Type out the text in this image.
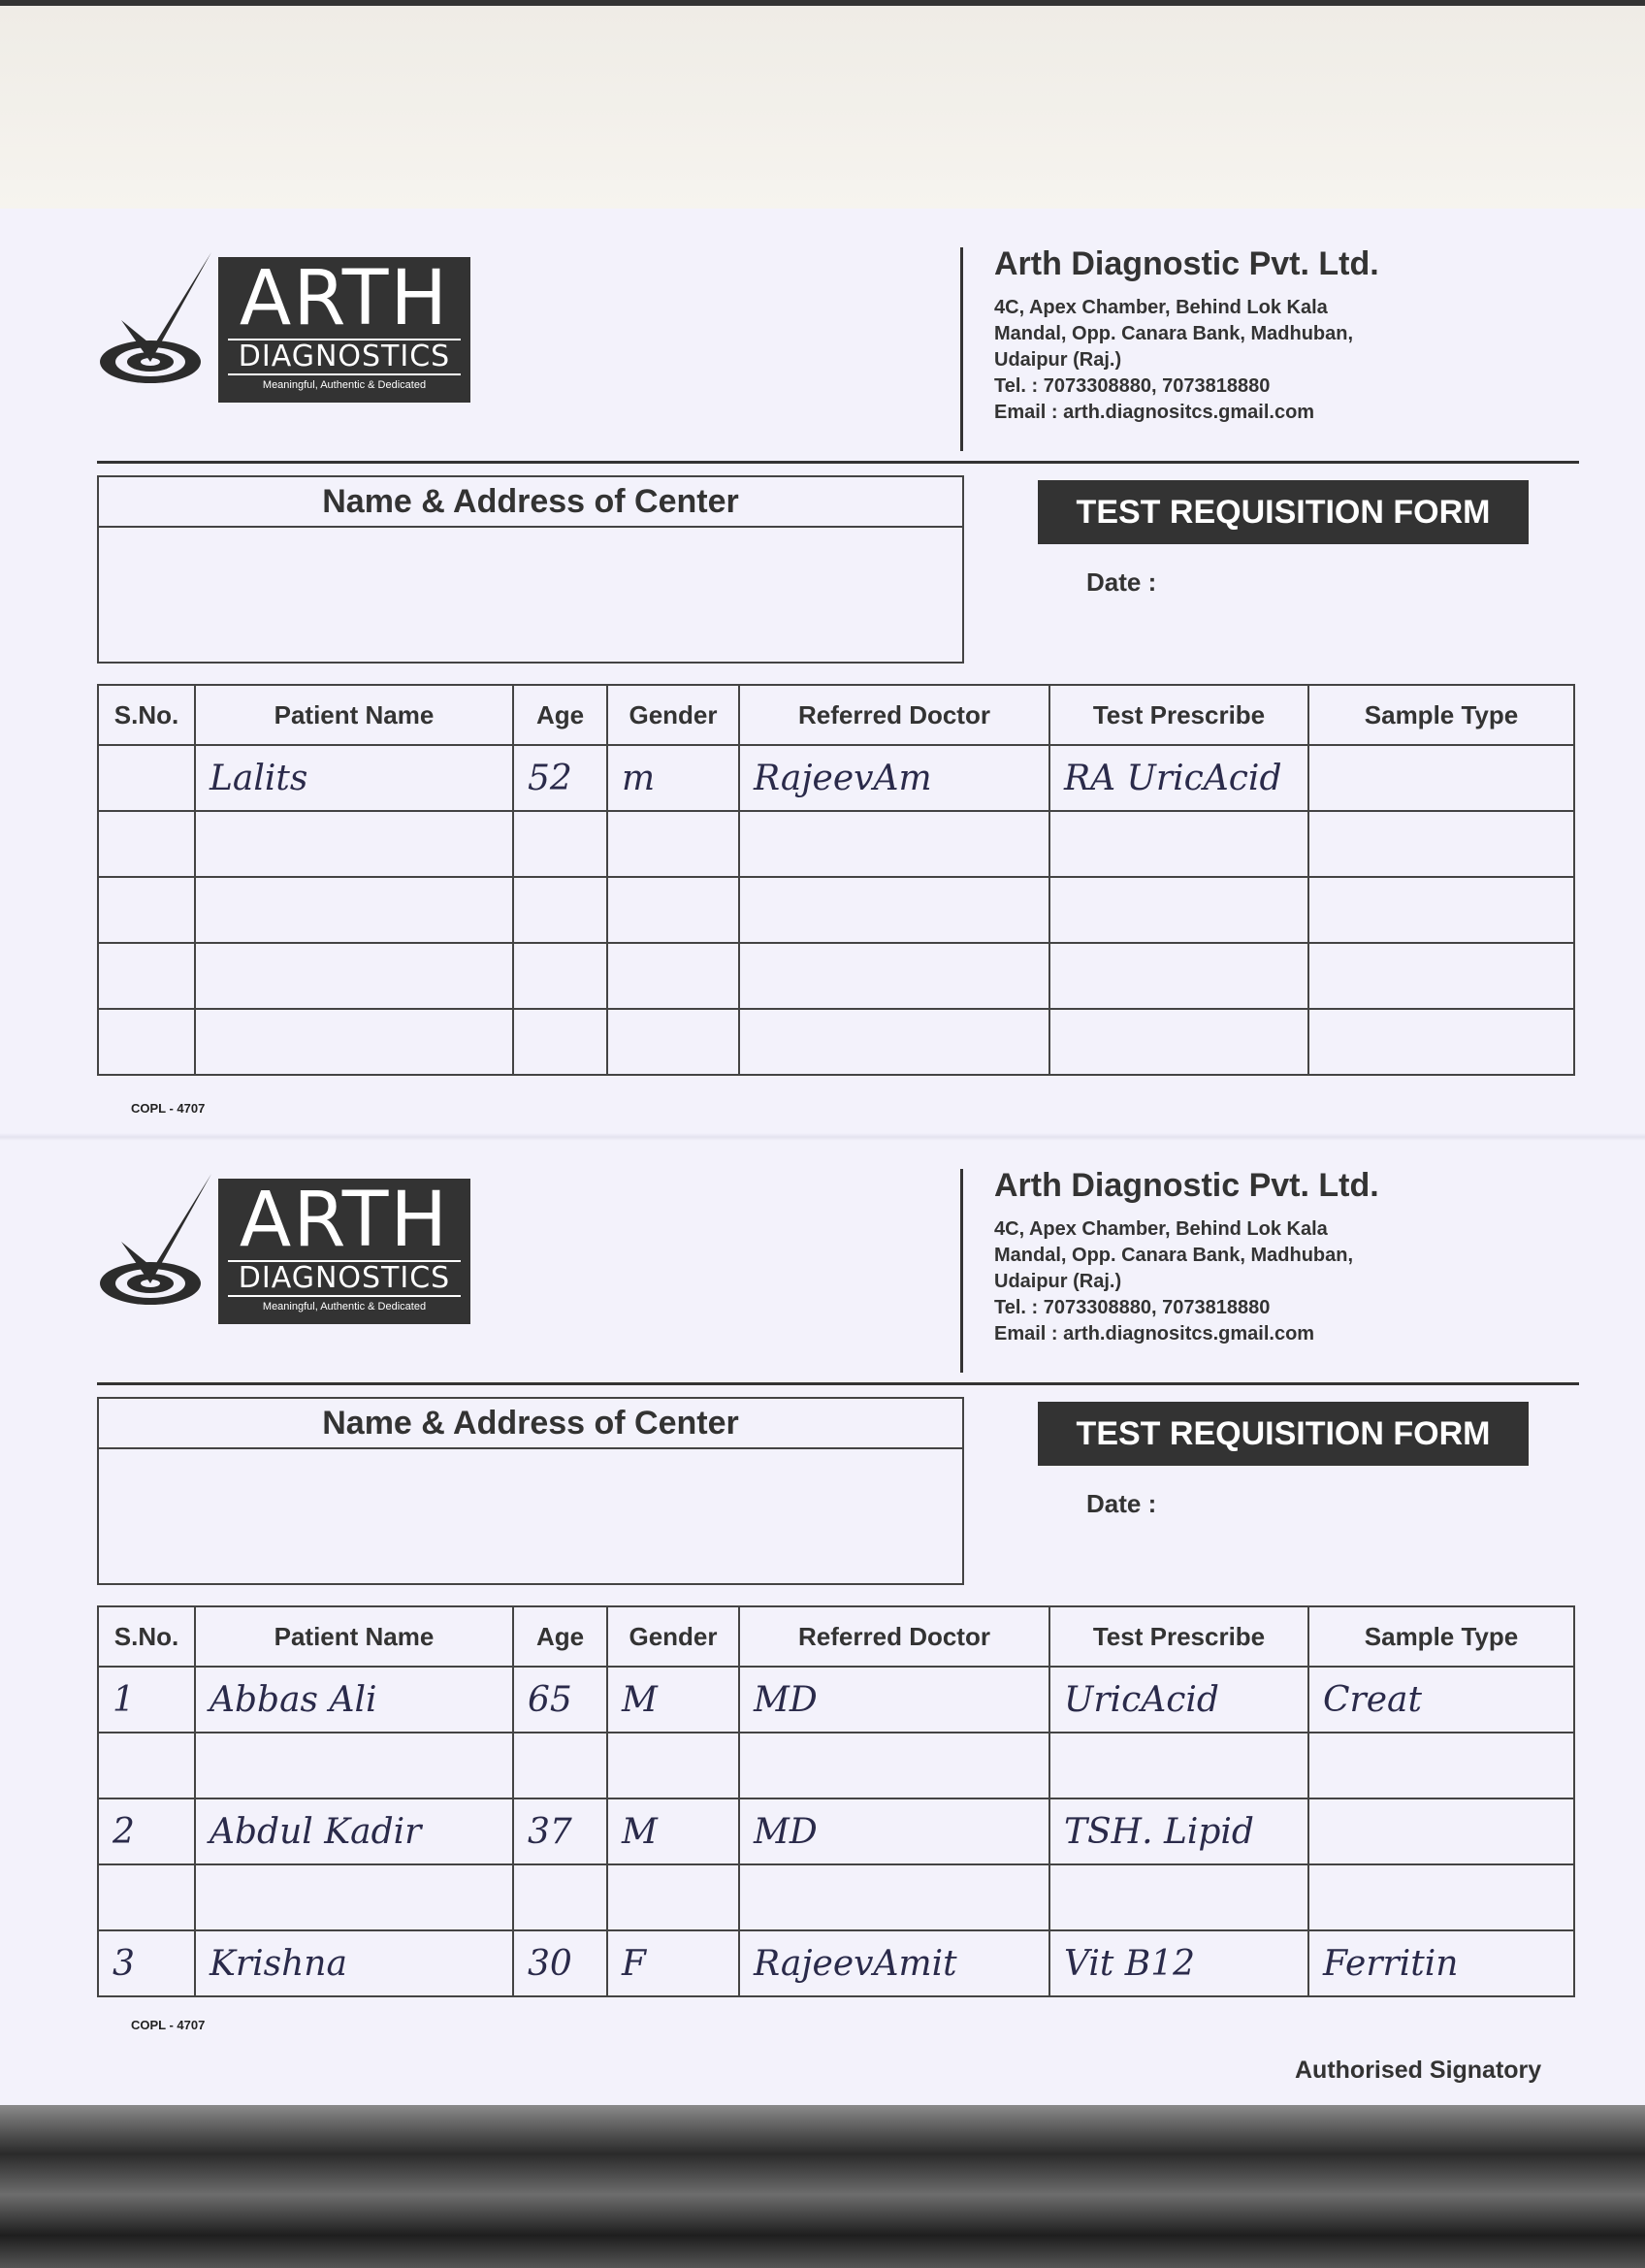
ARTH
DIAGNOSTICS
Meaningful, Authentic & Dedicated
Arth Diagnostic Pvt. Ltd.
4C, Apex Chamber, Behind Lok Kala
Mandal, Opp. Canara Bank, Madhuban,
Udaipur (Raj.)
Tel. : 7073308880, 7073818880
Email : arth.diagnositcs.gmail.com
Name & Address of Center	TEST REQUISITION FORM
Date :
S.No.	Patient Name	Age	Gender	Referred Doctor	Test Prescribe	Sample Type
	Lalits	52	m	RajeevAm	RA UricAcid	

COPL - 4707
ARTH
DIAGNOSTICS
Meaningful, Authentic & Dedicated
Arth Diagnostic Pvt. Ltd.
4C, Apex Chamber, Behind Lok Kala
Mandal, Opp. Canara Bank, Madhuban,
Udaipur (Raj.)
Tel. : 7073308880, 7073818880
Email : arth.diagnositcs.gmail.com
Name & Address of Center	TEST REQUISITION FORM
Date :
S.No.	Patient Name	Age	Gender	Referred Doctor	Test Prescribe	Sample Type
1	Abbas Ali	65	M	MD	UricAcid	Creat

2	Abdul Kadir	37	M	MD	TSH. Lipid	

3	Krishna	30	F	RajeevAmit	Vit B12	Ferritin
COPL - 4707
Authorised Signatory
